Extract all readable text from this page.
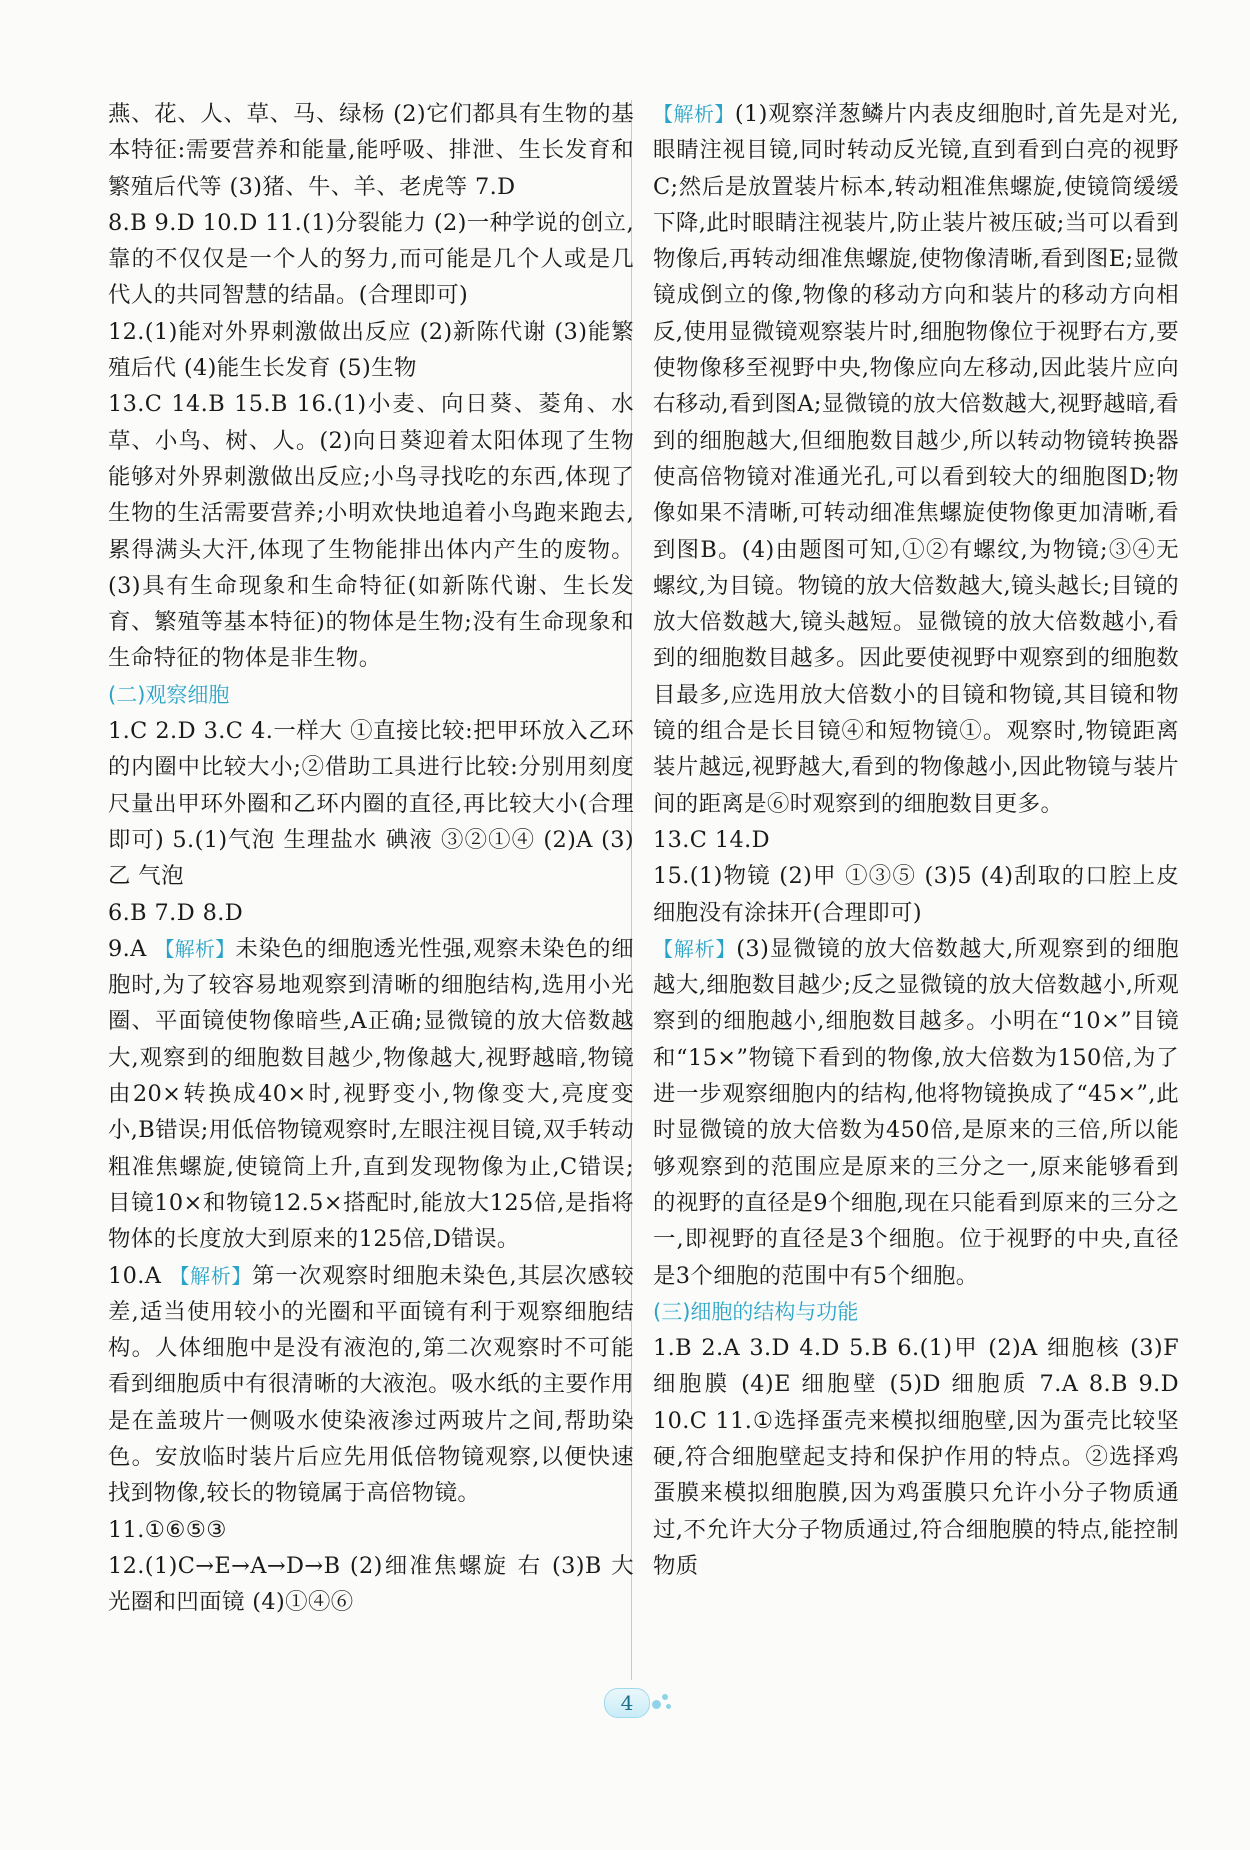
燕、花、人、草、马、绿杨 (2)它们都具有生物的基本特征:需要营养和能量,能呼吸、排泄、生长发育和繁殖后代等 (3)猪、牛、羊、老虎等 7.D

8.B 9.D 10.D 11.(1)分裂能力 (2)一种学说的创立,靠的不仅仅是一个人的努力,而可能是几个人或是几代人的共同智慧的结晶。(合理即可)

12.(1)能对外界刺激做出反应 (2)新陈代谢 (3)能繁殖后代 (4)能生长发育 (5)生物

13.C 14.B 15.B 16.(1)小麦、向日葵、菱角、水草、小鸟、树、人。(2)向日葵迎着太阳体现了生物能够对外界刺激做出反应;小鸟寻找吃的东西,体现了生物的生活需要营养;小明欢快地追着小鸟跑来跑去,累得满头大汗,体现了生物能排出体内产生的废物。(3)具有生命现象和生命特征(如新陈代谢、生长发育、繁殖等基本特征)的物体是生物;没有生命现象和生命特征的物体是非生物。

(二)观察细胞

1.C 2.D 3.C 4.一样大 ①直接比较:把甲环放入乙环的内圈中比较大小;②借助工具进行比较:分别用刻度尺量出甲环外圈和乙环内圈的直径,再比较大小(合理即可) 5.(1)气泡 生理盐水 碘液 ③②①④ (2)A (3)乙 气泡

6.B 7.D 8.D

9.A 【解析】未染色的细胞透光性强,观察未染色的细胞时,为了较容易地观察到清晰的细胞结构,选用小光圈、平面镜使物像暗些,A正确;显微镜的放大倍数越大,观察到的细胞数目越少,物像越大,视野越暗,物镜由20×转换成40×时,视野变小,物像变大,亮度变小,B错误;用低倍物镜观察时,左眼注视目镜,双手转动粗准焦螺旋,使镜筒上升,直到发现物像为止,C错误;目镜10×和物镜12.5×搭配时,能放大125倍,是指将物体的长度放大到原来的125倍,D错误。

10.A 【解析】第一次观察时细胞未染色,其层次感较差,适当使用较小的光圈和平面镜有利于观察细胞结构。人体细胞中是没有液泡的,第二次观察时不可能看到细胞质中有很清晰的大液泡。吸水纸的主要作用是在盖玻片一侧吸水使染液渗过两玻片之间,帮助染色。安放临时装片后应先用低倍物镜观察,以便快速找到物像,较长的物镜属于高倍物镜。

11.①⑥⑤③

12.(1)C→E→A→D→B (2)细准焦螺旋 右 (3)B 大光圈和凹面镜 (4)①④⑥

【解析】(1)观察洋葱鳞片内表皮细胞时,首先是对光,眼睛注视目镜,同时转动反光镜,直到看到白亮的视野C;然后是放置装片标本,转动粗准焦螺旋,使镜筒缓缓下降,此时眼睛注视装片,防止装片被压破;当可以看到物像后,再转动细准焦螺旋,使物像清晰,看到图E;显微镜成倒立的像,物像的移动方向和装片的移动方向相反,使用显微镜观察装片时,细胞物像位于视野右方,要使物像移至视野中央,物像应向左移动,因此装片应向右移动,看到图A;显微镜的放大倍数越大,视野越暗,看到的细胞越大,但细胞数目越少,所以转动物镜转换器使高倍物镜对准通光孔,可以看到较大的细胞图D;物像如果不清晰,可转动细准焦螺旋使物像更加清晰,看到图B。(4)由题图可知,①②有螺纹,为物镜;③④无螺纹,为目镜。物镜的放大倍数越大,镜头越长;目镜的放大倍数越大,镜头越短。显微镜的放大倍数越小,看到的细胞数目越多。因此要使视野中观察到的细胞数目最多,应选用放大倍数小的目镜和物镜,其目镜和物镜的组合是长目镜④和短物镜①。观察时,物镜距离装片越远,视野越大,看到的物像越小,因此物镜与装片间的距离是⑥时观察到的细胞数目更多。

13.C 14.D

15.(1)物镜 (2)甲 ①③⑤ (3)5 (4)刮取的口腔上皮细胞没有涂抹开(合理即可)

【解析】(3)显微镜的放大倍数越大,所观察到的细胞越大,细胞数目越少;反之显微镜的放大倍数越小,所观察到的细胞越小,细胞数目越多。小明在“10×”目镜和“15×”物镜下看到的物像,放大倍数为150倍,为了进一步观察细胞内的结构,他将物镜换成了“45×”,此时显微镜的放大倍数为450倍,是原来的三倍,所以能够观察到的范围应是原来的三分之一,原来能够看到的视野的直径是9个细胞,现在只能看到原来的三分之一,即视野的直径是3个细胞。位于视野的中央,直径是3个细胞的范围中有5个细胞。

(三)细胞的结构与功能

1.B 2.A 3.D 4.D 5.B 6.(1)甲 (2)A 细胞核 (3)F 细胞膜 (4)E 细胞壁 (5)D 细胞质 7.A 8.B 9.D 10.C 11.①选择蛋壳来模拟细胞壁,因为蛋壳比较坚硬,符合细胞壁起支持和保护作用的特点。②选择鸡蛋膜来模拟细胞膜,因为鸡蛋膜只允许小分子物质通过,不允许大分子物质通过,符合细胞膜的特点,能控制物质

4
